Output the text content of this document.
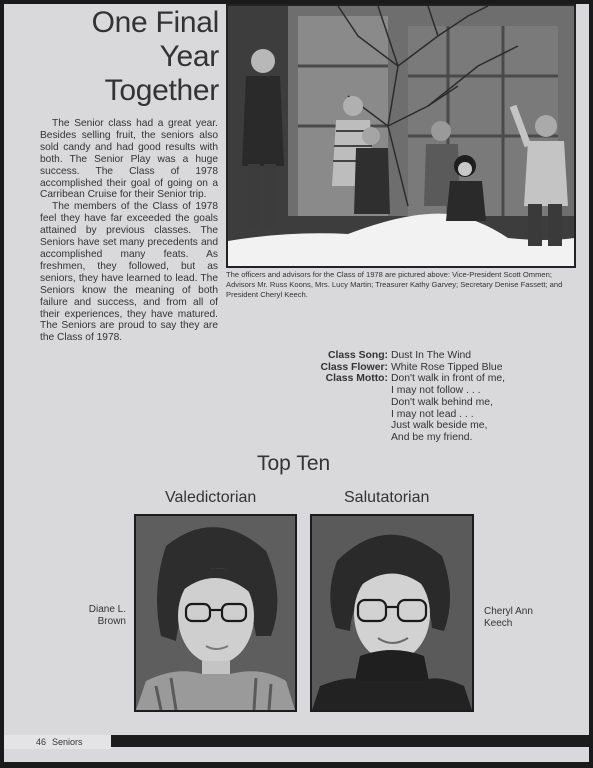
One Final
Year
Together

The Senior class had a great year. Besides selling fruit, the seniors also sold candy and had good results with both. The Senior Play was a huge success. The Class of 1978 accomplished their goal of going on a Carribean Cruise for their Senior trip.

The members of the Class of 1978 feel they have far exceeded the goals attained by previous classes. The Seniors have set many precedents and accomplished many feats. As freshmen, they followed, but as seniors, they have learned to lead. The Seniors know the meaning of both failure and success, and from all of their experiences, they have matured. The Seniors are proud to say they are the Class of 1978.

The officers and advisors for the Class of 1978 are pictured above: Vice-President Scott Ommen; Advisors Mr. Russ Koons, Mrs. Lucy Martin; Treasurer Kathy Garvey; Secretary Denise Fassett; and President Cheryl Keech.
Class Song: Dust In The Wind
Class Flower: White Rose Tipped Blue
Class Motto: Don't walk in front of me,
I may not follow . . .
Don't walk behind me,
I may not lead . . .
Just walk beside me,
And be my friend.
Top Ten
Valedictorian	Salutatorian
Diane L.
Brown
Cheryl Ann
Keech
46 Seniors
